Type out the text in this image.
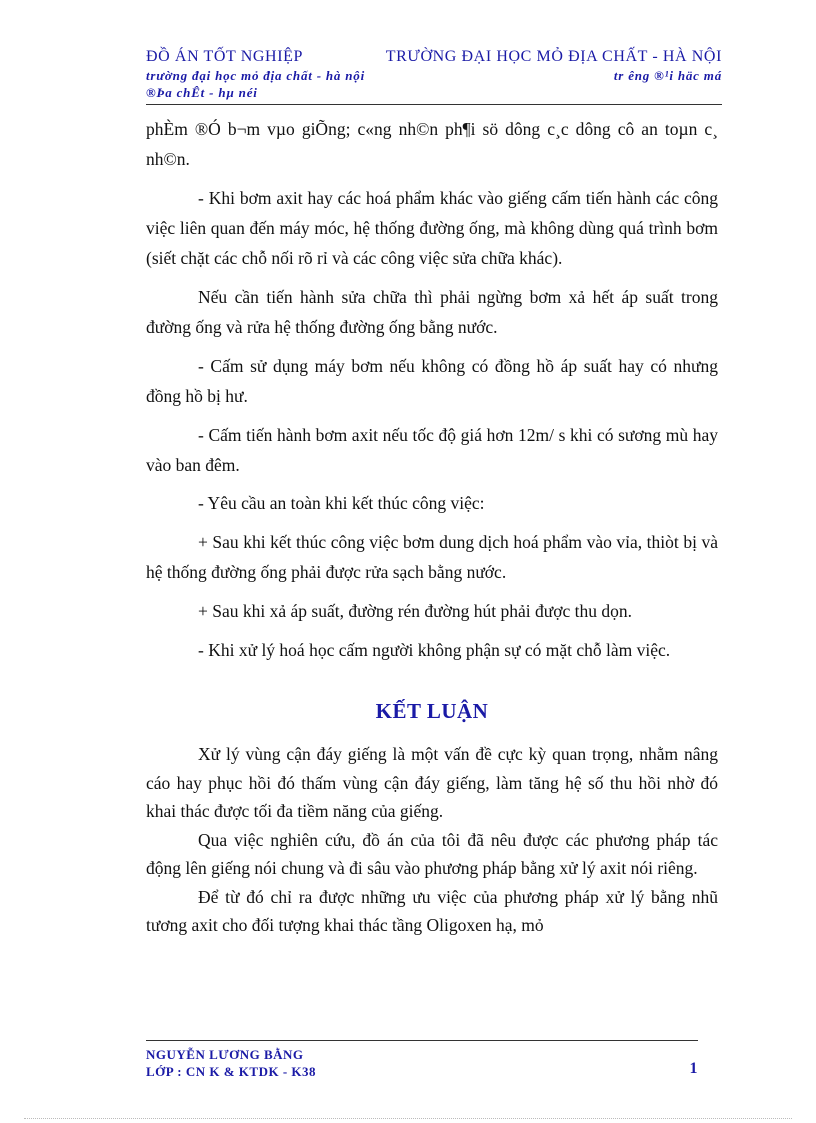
ĐỒ ÁN TỐT NGHIỆP	TRƯỜNG ĐẠI HỌC MỎ ĐỊA CHẤT - HÀ NỘI
trường đại học mỏ địa chất - hà nội	tr êng ®¹i häc má
®Þa chÊt - hµ néi

phÈm ®Ó b¬m vµo giÕng; c«ng nh©n ph¶i sö dông c¸c dông cô an toµn c¸ nh©n.

- Khi bơm axit hay các hoá phẩm khác vào giếng cấm tiến hành các công việc liên quan đến máy móc, hệ thống đường ống, mà không dùng quá trình bơm (siết chặt các chỗ nối rõ rỉ và các công việc sửa chữa khác).

Nếu cần tiến hành sửa chữa thì phải ngừng bơm xả hết áp suất trong đường ống và rửa hệ thống đường ống bằng nước.

- Cấm sử dụng máy bơm nếu không có đồng hồ áp suất hay có nhưng đồng hồ bị hư.

- Cấm tiến hành bơm axit nếu tốc độ giá hơn 12m/ s khi có sương mù hay vào ban đêm.

- Yêu cầu an toàn khi kết thúc công việc:

+ Sau khi kết thúc công việc bơm dung dịch hoá phẩm vào vỉa, thiòt bị và hệ thống đường ống phải được rửa sạch bằng nước.

+ Sau khi xả áp suất, đường rén đường hút phải được thu dọn.

- Khi xử lý hoá học cấm người không phận sự có mặt chỗ làm việc.

KẾT LUẬN

Xử lý vùng cận đáy giếng là một vấn đề cực kỳ quan trọng, nhằm nâng cáo hay phục hồi đó thấm vùng cận đáy giếng, làm tăng hệ số thu hồi nhờ đó khai thác được tối đa tiềm năng của giếng.

Qua việc nghiên cứu, đồ án của tôi đã nêu được các phương pháp tác động lên giếng nói chung và đi sâu vào phương pháp bằng xử lý axit nói riêng.

Để từ đó chỉ ra được những ưu việc của phương pháp xử lý bằng nhũ tương axit cho đối tượng khai thác tầng Oligoxen hạ, mỏ

NGUYỄN LƯƠNG BẰNG
LỚP : CN K & KTDK - K38	1
